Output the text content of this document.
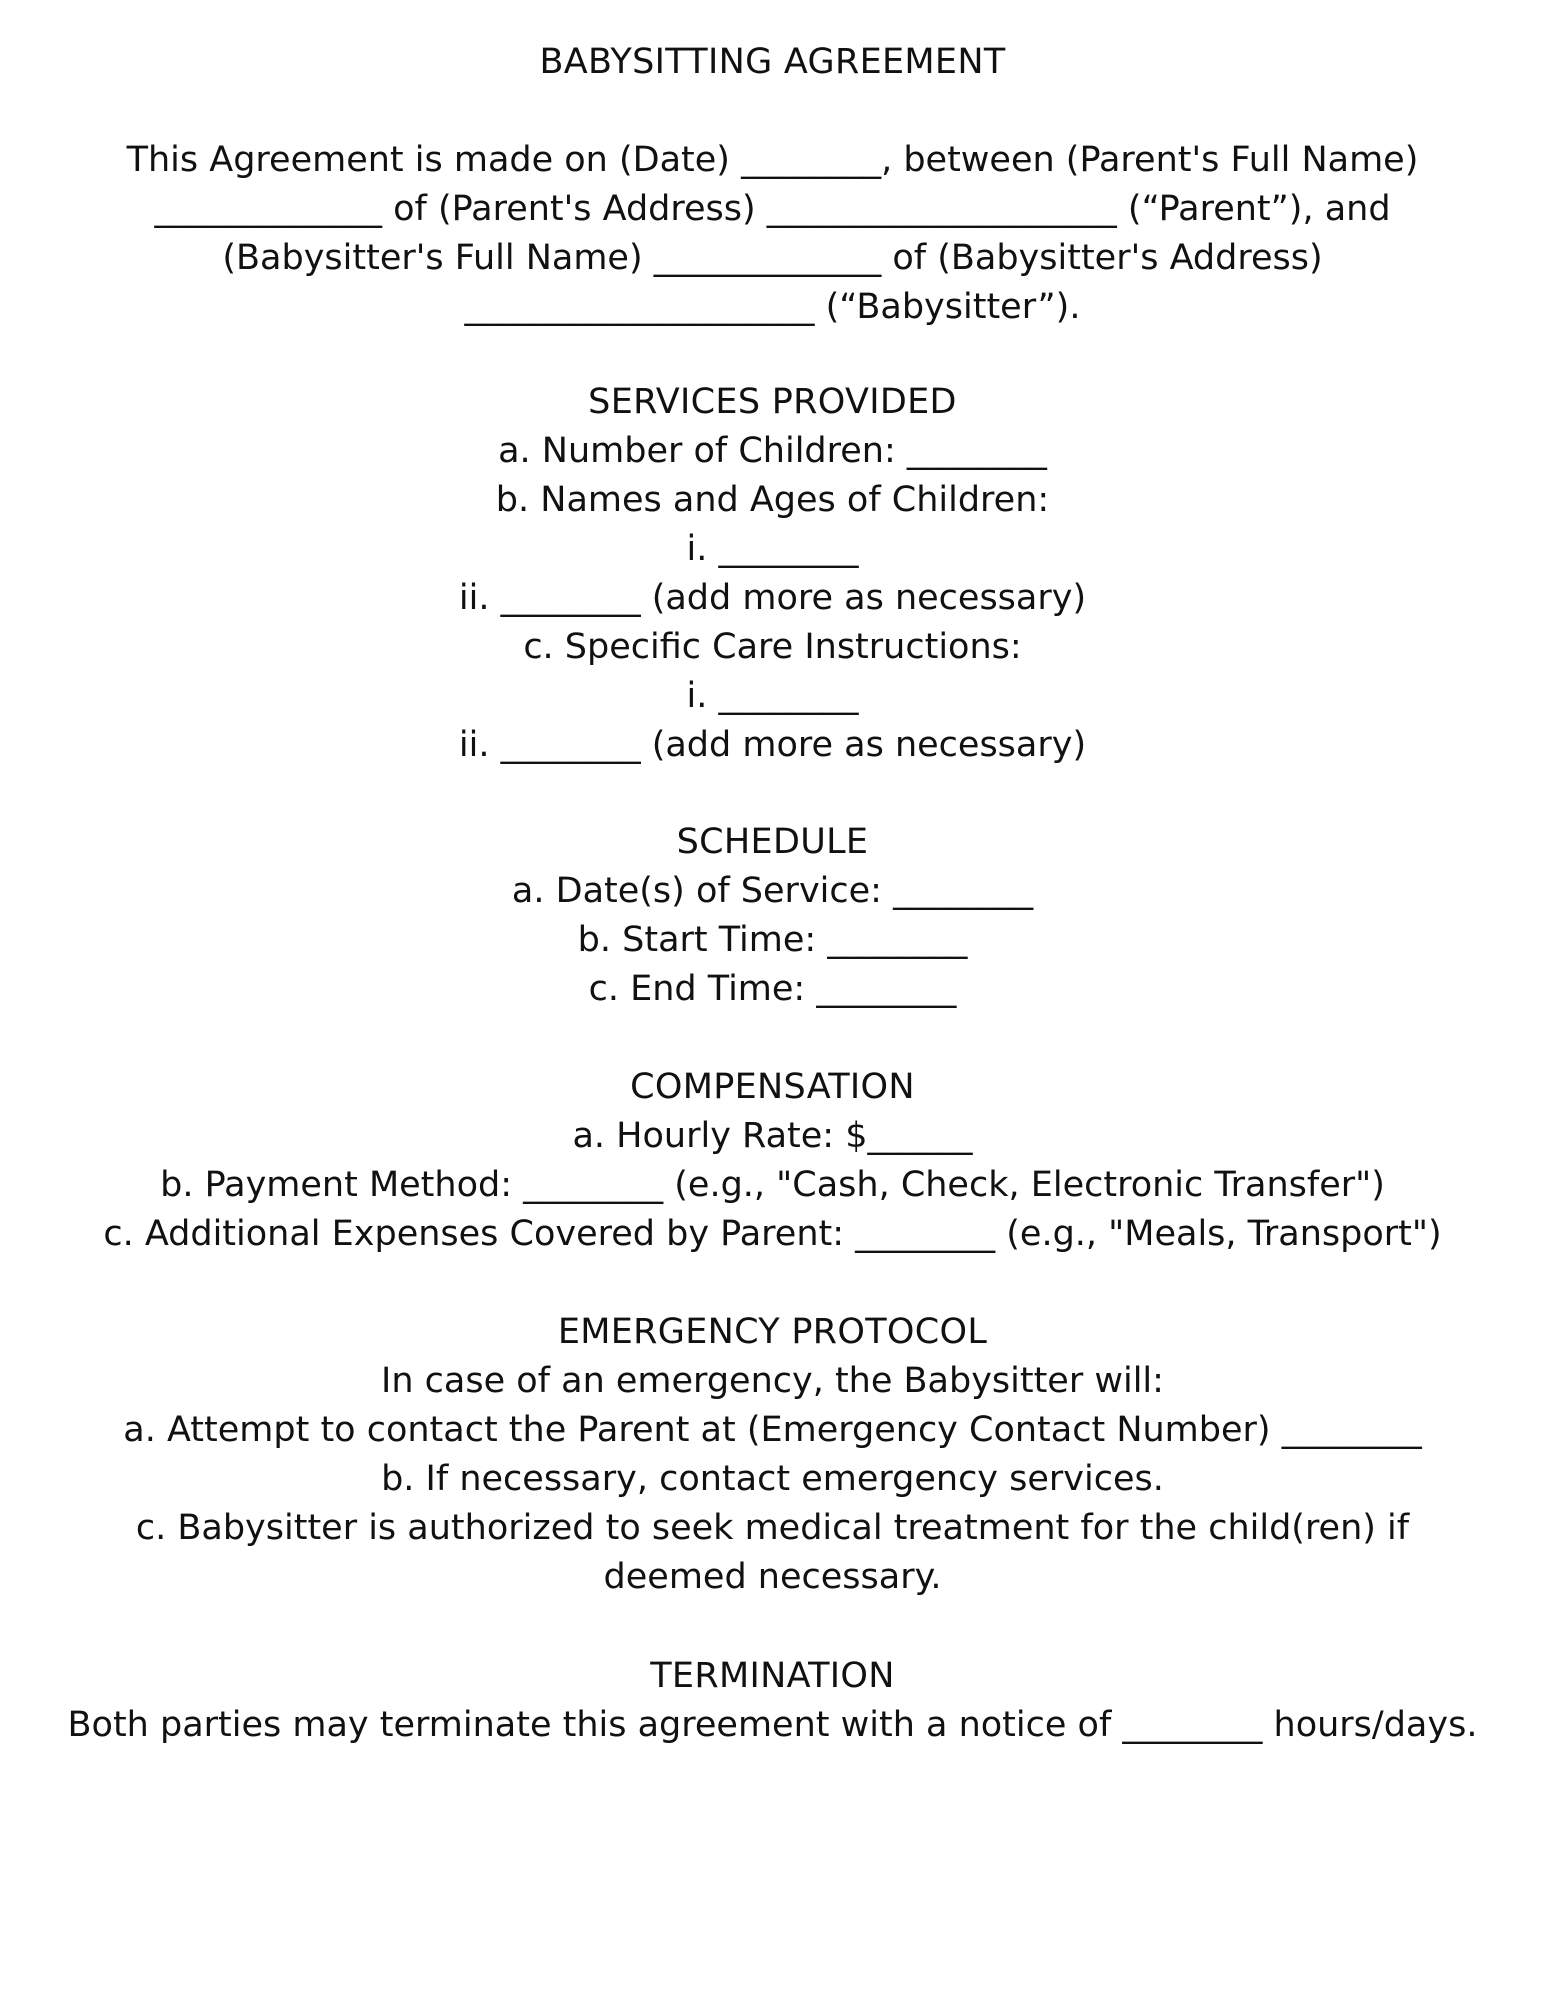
BABYSITTING AGREEMENT
This Agreement is made on (Date) ________, between (Parent's Full Name)
_____________ of (Parent's Address) ____________________ (“Parent”), and
(Babysitter's Full Name) _____________ of (Babysitter's Address)
____________________ (“Babysitter”).
SERVICES PROVIDED
a. Number of Children: ________
b. Names and Ages of Children:
i. ________
ii. ________ (add more as necessary)
c. Specific Care Instructions:
i. ________
ii. ________ (add more as necessary)
SCHEDULE
a. Date(s) of Service: ________
b. Start Time: ________
c. End Time: ________
COMPENSATION
a. Hourly Rate: $______
b. Payment Method: ________ (e.g., "Cash, Check, Electronic Transfer")
c. Additional Expenses Covered by Parent: ________ (e.g., "Meals, Transport")
EMERGENCY PROTOCOL
In case of an emergency, the Babysitter will:
a. Attempt to contact the Parent at (Emergency Contact Number) ________
b. If necessary, contact emergency services.
c. Babysitter is authorized to seek medical treatment for the child(ren) if deemed necessary.
TERMINATION
Both parties may terminate this agreement with a notice of ________ hours/days.
